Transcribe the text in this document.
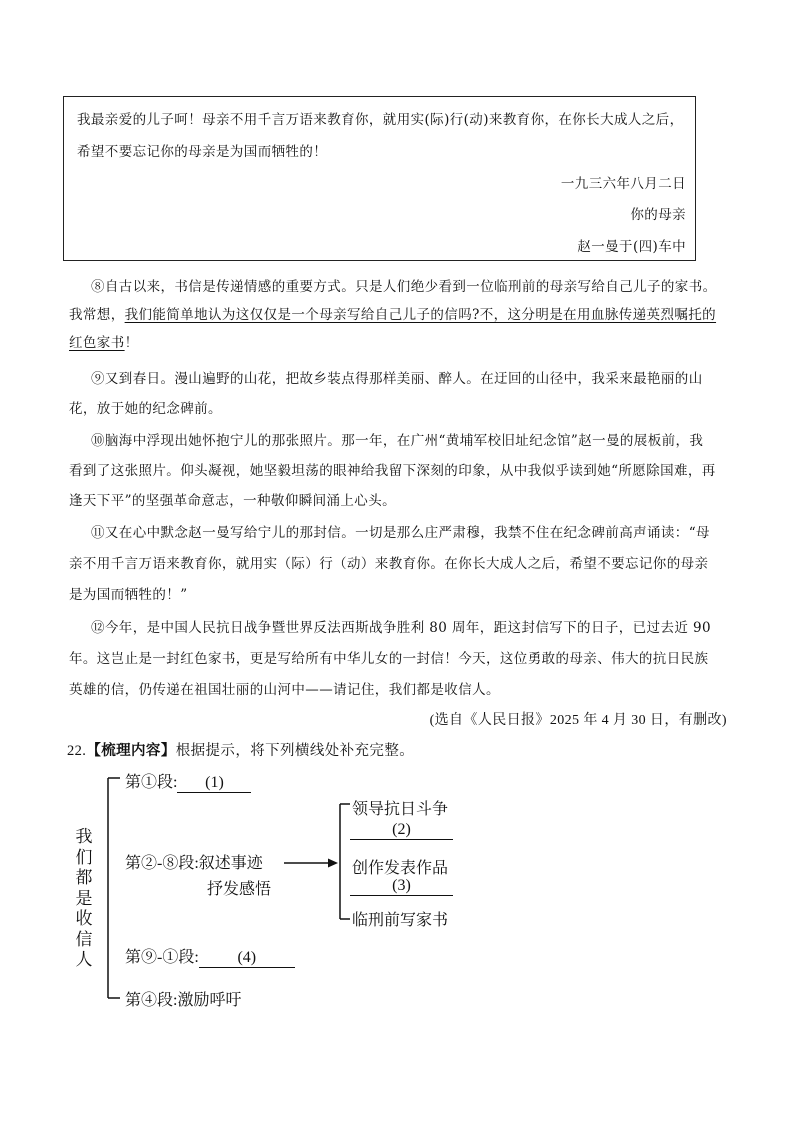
我最亲爱的儿子呵！母亲不用千言万语来教育你，就用实(际)行(动)来教育你，在你长大成人之后，
希望不要忘记你的母亲是为国而牺牲的！
一九三六年八月二日
你的母亲
赵一曼于(四)车中
⑧自古以来，书信是传递情感的重要方式。只是人们绝少看到一位临刑前的母亲写给自己儿子的家书。
我常想，我们能简单地认为这仅仅是一个母亲写给自己儿子的信吗?不，这分明是在用血脉传递英烈嘱托的
红色家书！
⑨又到春日。漫山遍野的山花，把故乡装点得那样美丽、醉人。在迂回的山径中，我采来最艳丽的山
花，放于她的纪念碑前。
⑩脑海中浮现出她怀抱宁儿的那张照片。那一年，在广州“黄埔军校旧址纪念馆”赵一曼的展板前，我
看到了这张照片。仰头凝视，她坚毅坦荡的眼神给我留下深刻的印象，从中我似乎读到她“所愿除国难，再
逢天下平”的坚强革命意志，一种敬仰瞬间涌上心头。
⑪又在心中默念赵一曼写给宁儿的那封信。一切是那么庄严肃穆，我禁不住在纪念碑前高声诵读：“母
亲不用千言万语来教育你，就用实（际）行（动）来教育你。在你长大成人之后，希望不要忘记你的母亲
是为国而牺牲的！”
⑫今年，是中国人民抗日战争暨世界反法西斯战争胜利 80 周年，距这封信写下的日子，已过去近 90
年。这岂止是一封红色家书，更是写给所有中华儿女的一封信！今天，这位勇敢的母亲、伟大的抗日民族
英雄的信，仍传递在祖国壮丽的山河中——请记住，我们都是收信人。
(选自《人民日报》2025 年 4 月 30 日，有删改)
22.【梳理内容】根据提示，将下列横线处补充完整。
我
们
都
是
收
信
人
第①段: (1)
第②-⑧段:叙述事迹
抒发感悟
领导抗日斗争
(2)
创作发表作品
(3)
临刑前写家书
第⑨-①段: (4)
第④段:激励呼吁
